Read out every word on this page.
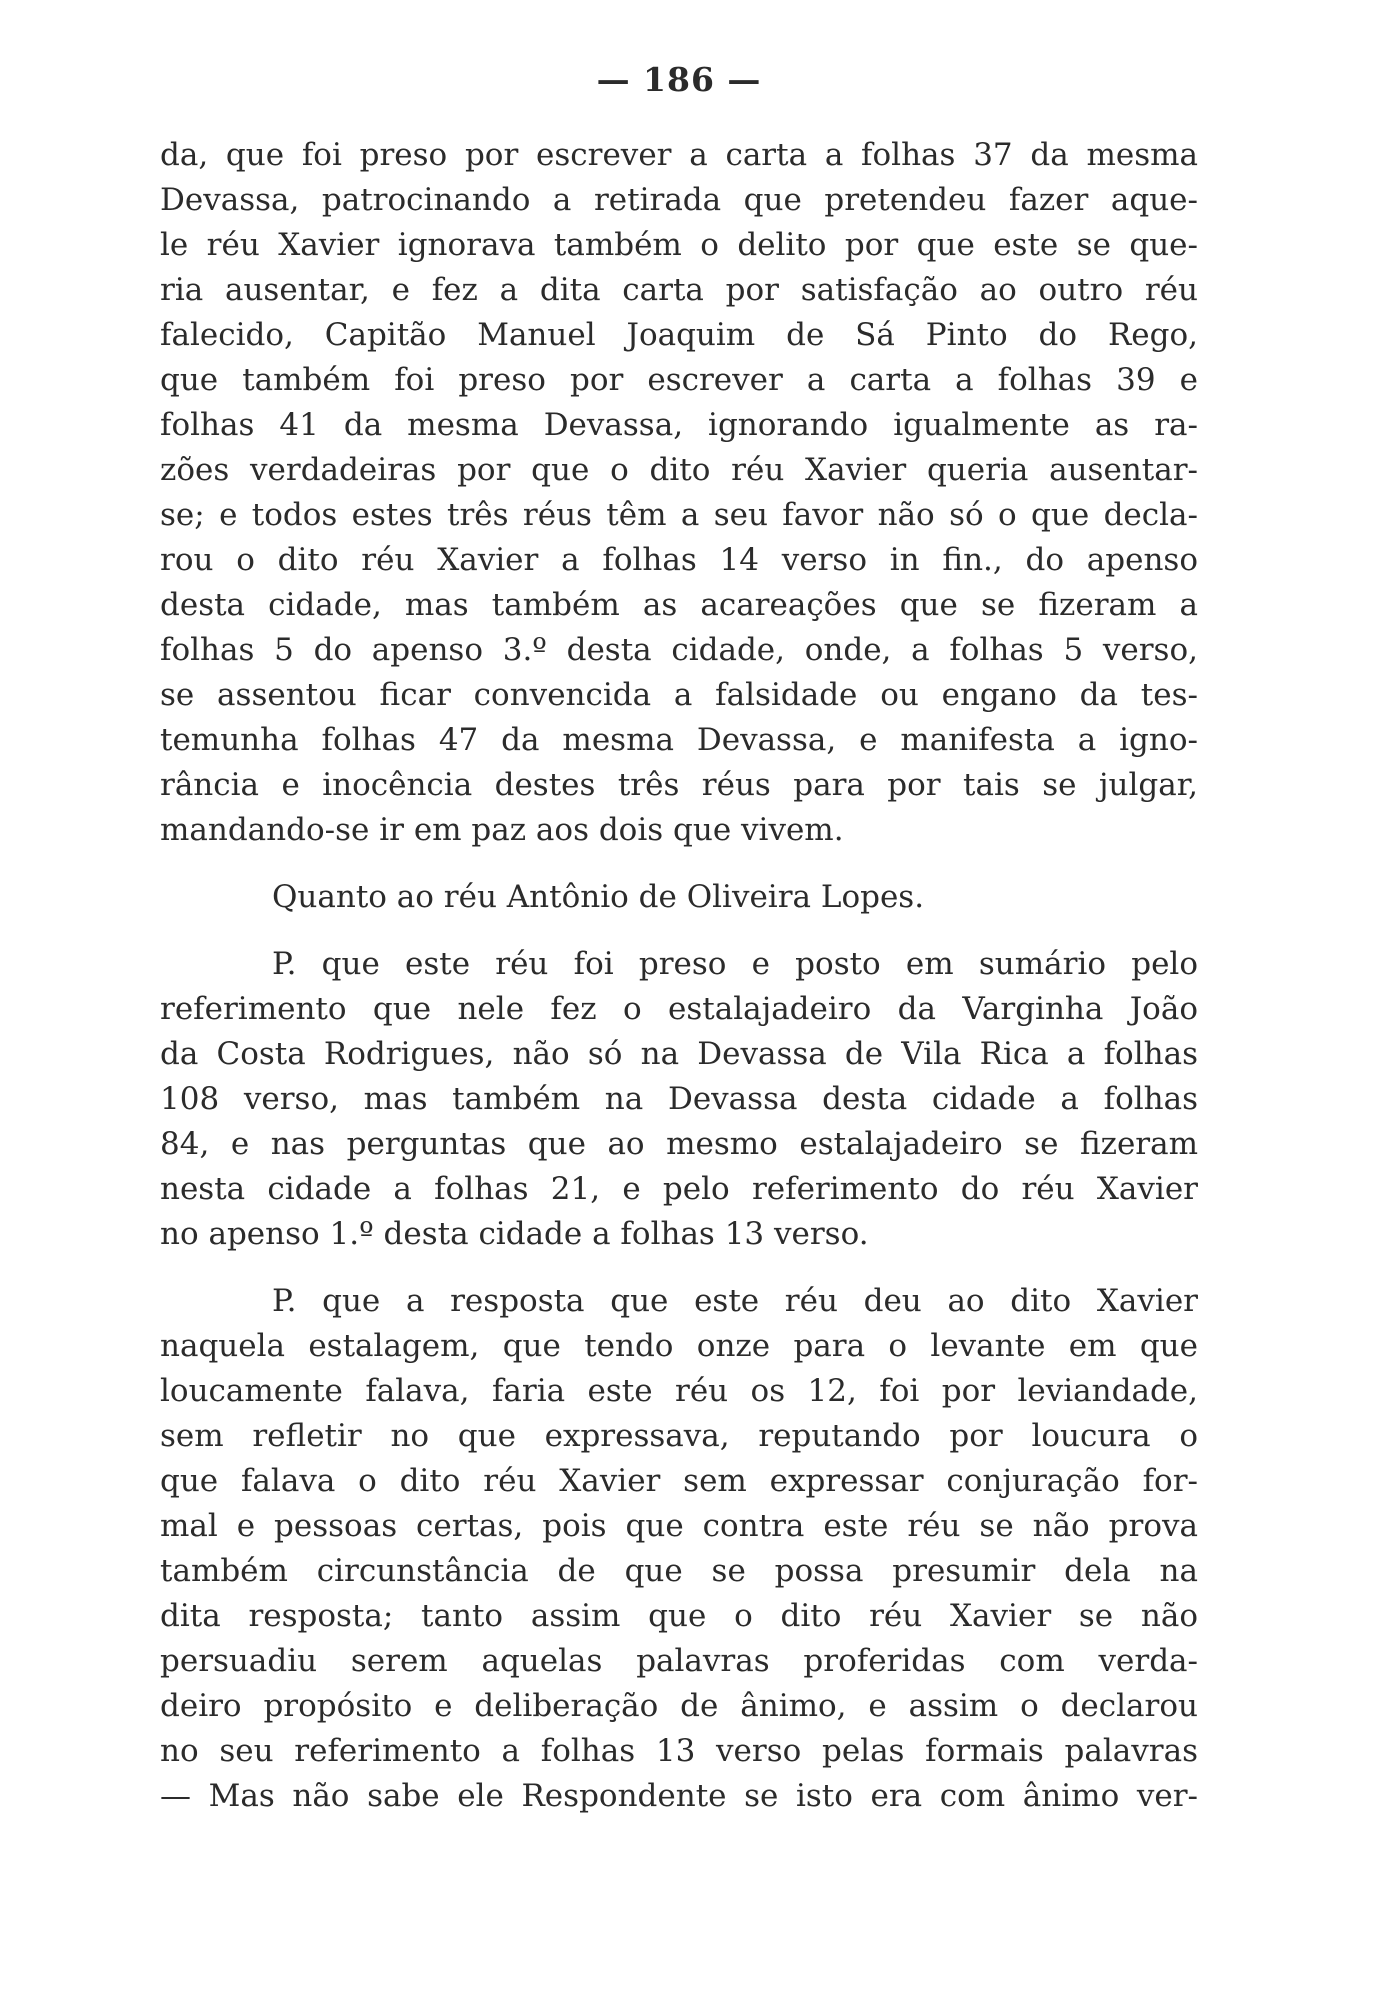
— 186 —
da, que foi preso por escrever a carta a folhas 37 da mesma
Devassa, patrocinando a retirada que pretendeu fazer aque-
le réu Xavier ignorava também o delito por que este se que-
ria ausentar, e fez a dita carta por satisfação ao outro réu
falecido, Capitão Manuel Joaquim de Sá Pinto do Rego,
que também foi preso por escrever a carta a folhas 39 e
folhas 41 da mesma Devassa, ignorando igualmente as ra-
zões verdadeiras por que o dito réu Xavier queria ausentar-
se; e todos estes três réus têm a seu favor não só o que decla-
rou o dito réu Xavier a folhas 14 verso in fin., do apenso
desta cidade, mas também as acareações que se fizeram a
folhas 5 do apenso 3.º desta cidade, onde, a folhas 5 verso,
se assentou ficar convencida a falsidade ou engano da tes-
temunha folhas 47 da mesma Devassa, e manifesta a igno-
rância e inocência destes três réus para por tais se julgar,
mandando-se ir em paz aos dois que vivem.
Quanto ao réu Antônio de Oliveira Lopes.
P. que este réu foi preso e posto em sumário pelo
referimento que nele fez o estalajadeiro da Varginha João
da Costa Rodrigues, não só na Devassa de Vila Rica a folhas
108 verso, mas também na Devassa desta cidade a folhas
84, e nas perguntas que ao mesmo estalajadeiro se fizeram
nesta cidade a folhas 21, e pelo referimento do réu Xavier
no apenso 1.º desta cidade a folhas 13 verso.
P. que a resposta que este réu deu ao dito Xavier
naquela estalagem, que tendo onze para o levante em que
loucamente falava, faria este réu os 12, foi por leviandade,
sem refletir no que expressava, reputando por loucura o
que falava o dito réu Xavier sem expressar conjuração for-
mal e pessoas certas, pois que contra este réu se não prova
também circunstância de que se possa presumir dela na
dita resposta; tanto assim que o dito réu Xavier se não
persuadiu serem aquelas palavras proferidas com verda-
deiro propósito e deliberação de ânimo, e assim o declarou
no seu referimento a folhas 13 verso pelas formais palavras
— Mas não sabe ele Respondente se isto era com ânimo ver-
